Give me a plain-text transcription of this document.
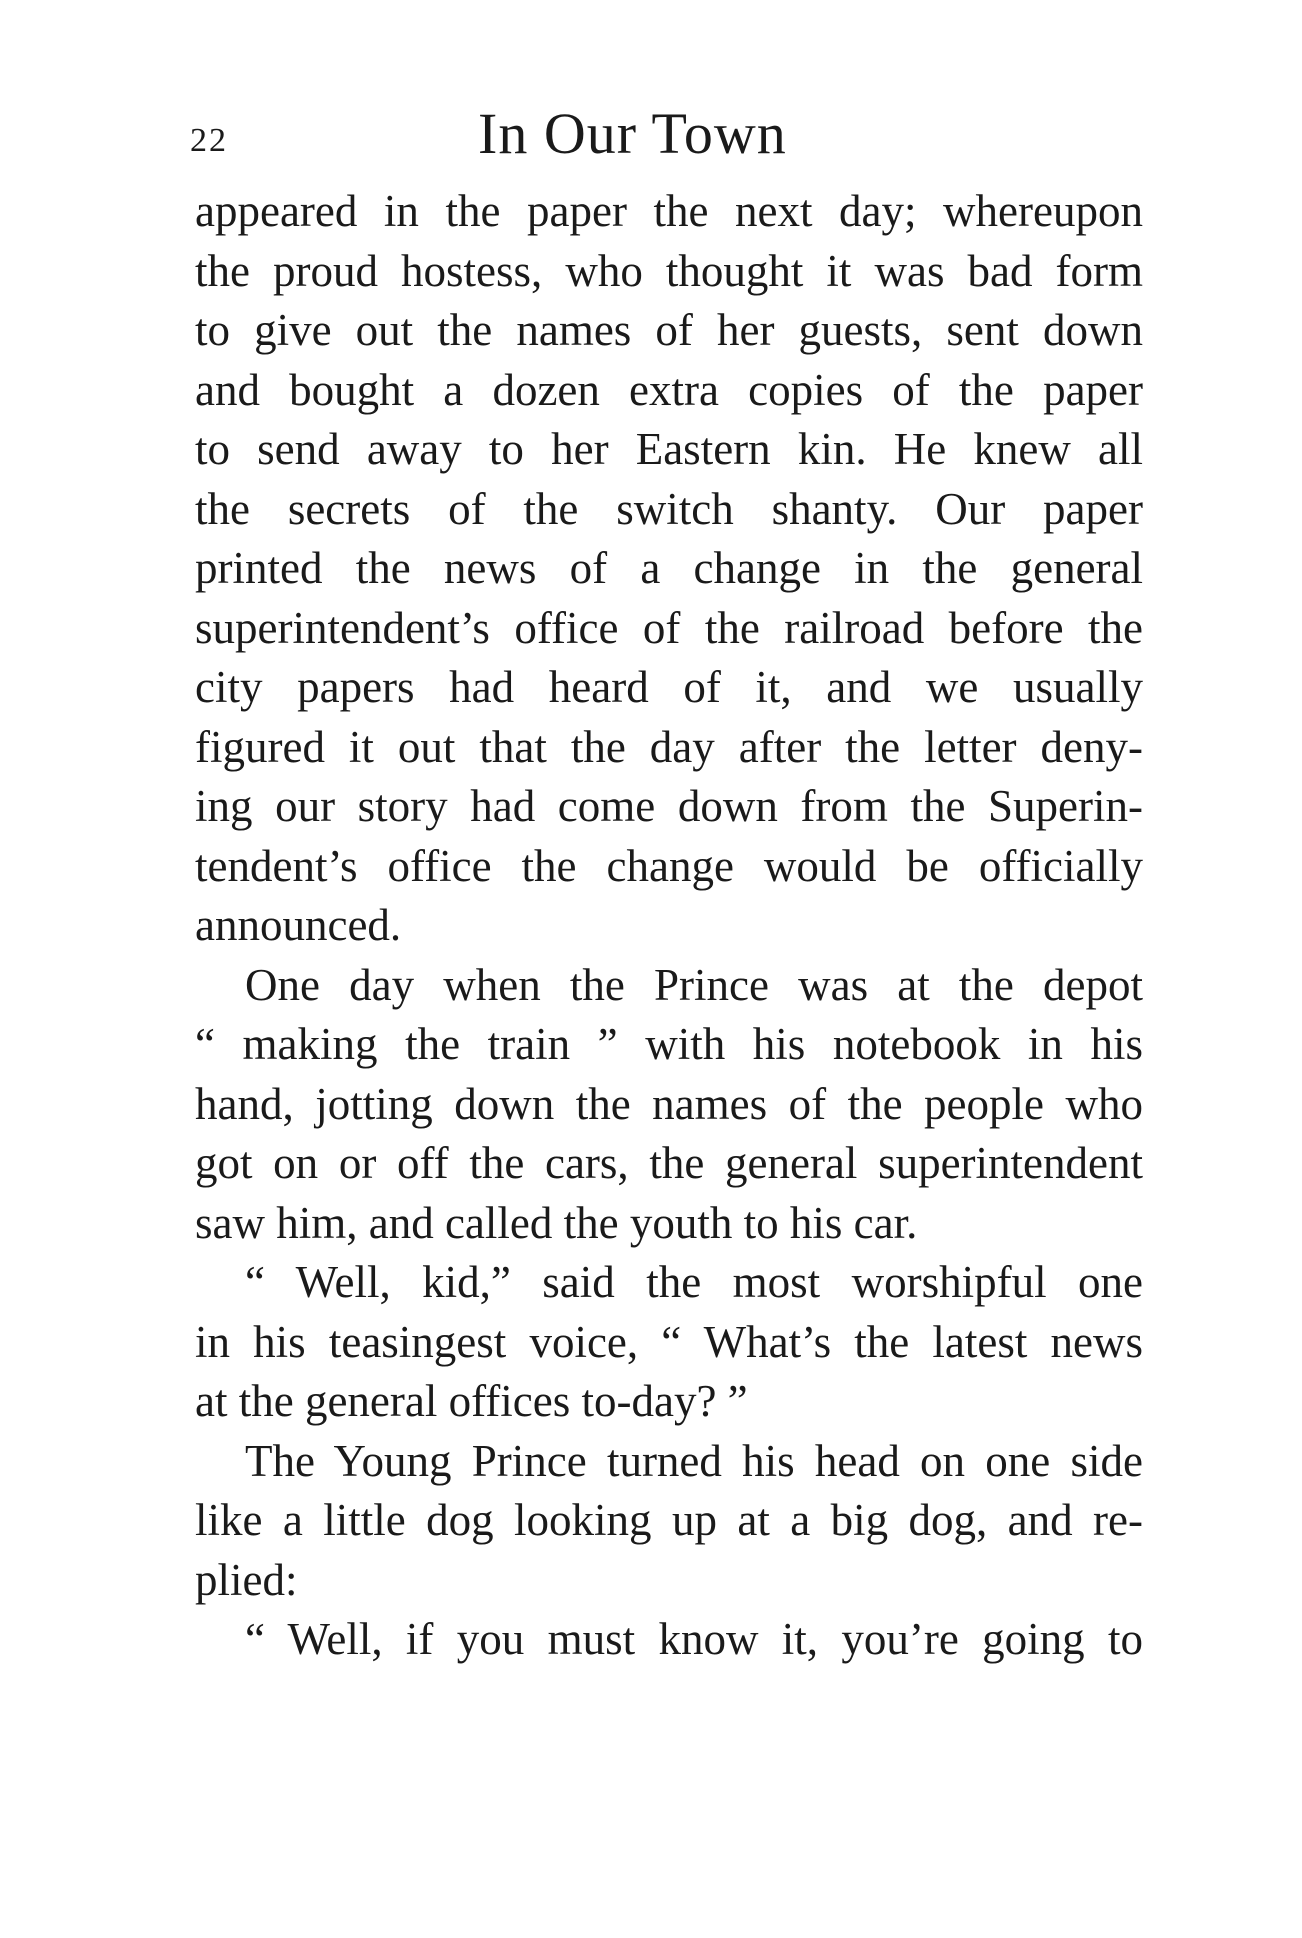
22	In Our Town
appeared in the paper the next day; whereupon
the proud hostess, who thought it was bad form
to give out the names of her guests, sent down
and bought a dozen extra copies of the paper
to send away to her Eastern kin. He knew all
the secrets of the switch shanty. Our paper
printed the news of a change in the general
superintendent’s office of the railroad before the
city papers had heard of it, and we usually
figured it out that the day after the letter deny-
ing our story had come down from the Superin-
tendent’s office the change would be officially
announced.
One day when the Prince was at the depot
“ making the train ” with his notebook in his
hand, jotting down the names of the people who
got on or off the cars, the general superintendent
saw him, and called the youth to his car.
“ Well, kid,” said the most worshipful one
in his teasingest voice, “ What’s the latest news
at the general offices to-day? ”
The Young Prince turned his head on one side
like a little dog looking up at a big dog, and re-
plied:
“ Well, if you must know it, you’re going to
